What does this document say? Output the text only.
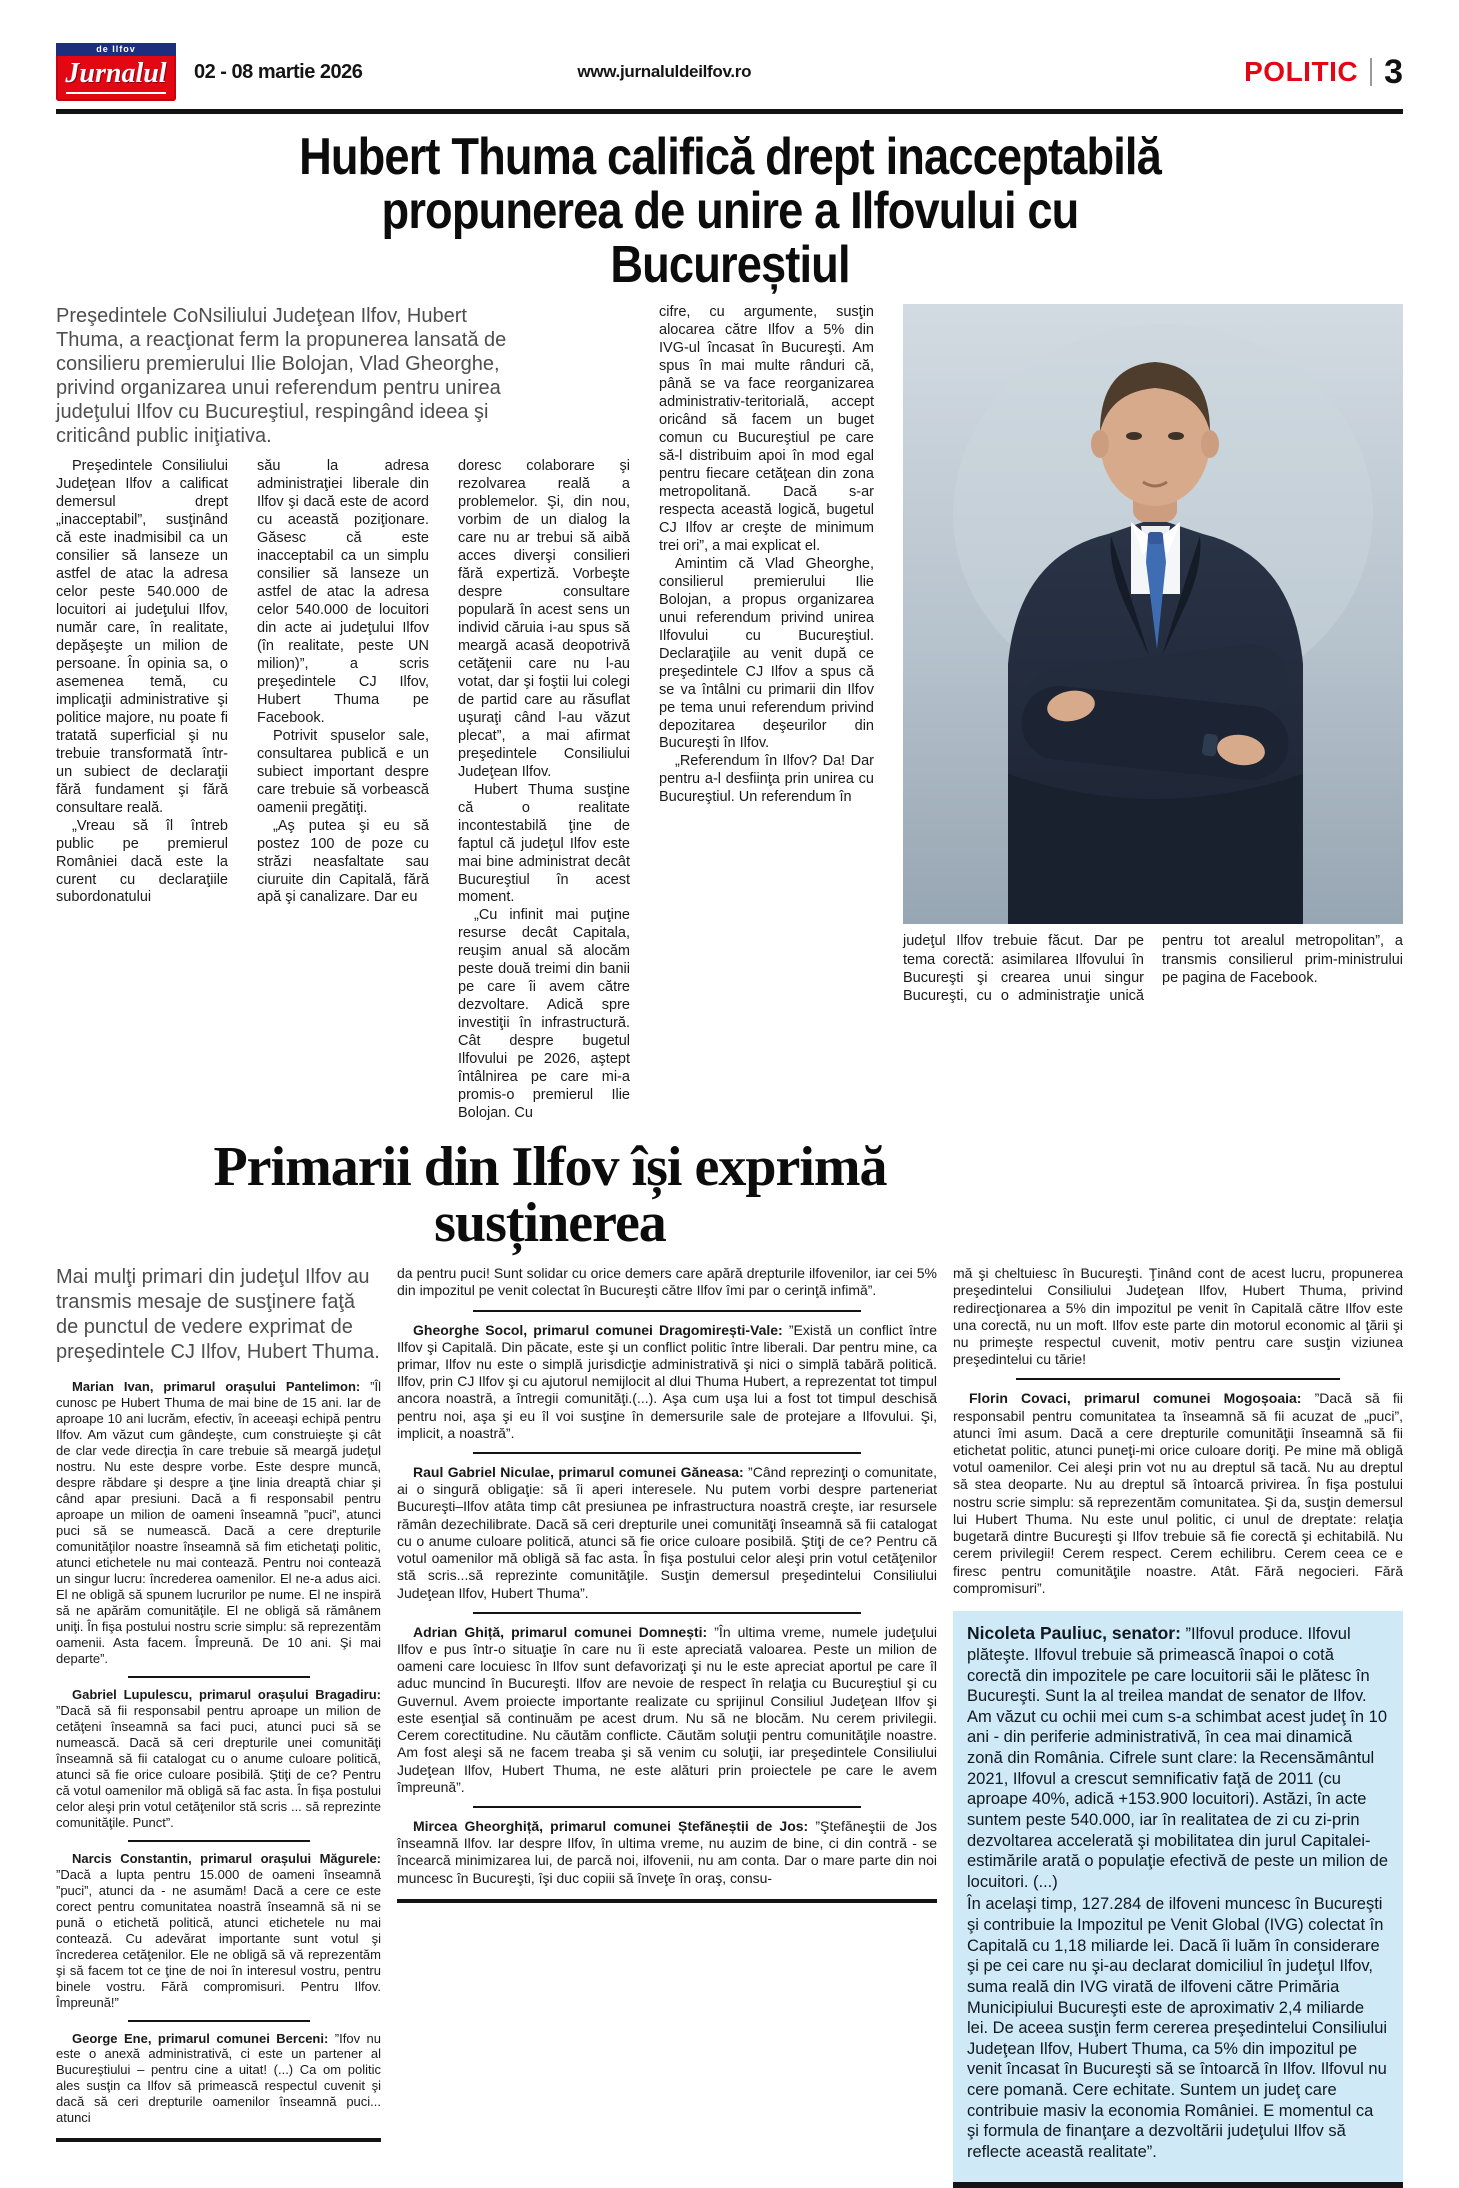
de Ilfov
Jurnalul	02 - 08 martie 2026	www.jurnaluldeilfov.ro	POLITIC 3
Hubert Thuma califică drept inacceptabilă propunerea de unire a Ilfovului cu Bucureștiul
Preşedintele CoNsiliului Judeţean Ilfov, Hubert Thuma, a reacţionat ferm la propunerea lansată de consilieru premierului Ilie Bolojan, Vlad Gheorghe, privind organizarea unui referendum pentru unirea judeţului Ilfov cu Bucureştiul, respingând ideea şi criticând public iniţiativa.

Preşedintele Consiliului Judeţean Ilfov a calificat demersul drept „inacceptabil”, susţinând că este inadmisibil ca un consilier să lanseze un astfel de atac la adresa celor peste 540.000 de locuitori ai judeţului Ilfov, număr care, în realitate, depăşeşte un milion de persoane. În opinia sa, o asemenea temă, cu implicaţii administrative şi politice majore, nu poate fi tratată superficial şi nu trebuie transformată într-un subiect de declaraţii fără fundament şi fără consultare reală.

„Vreau să îl întreb public pe premierul României dacă este la curent cu declaraţiile subordonatului

său la adresa administraţiei liberale din Ilfov şi dacă este de acord cu această poziţionare. Găsesc că este inacceptabil ca un simplu consilier să lanseze un astfel de atac la adresa celor 540.000 de locuitori din acte ai judeţului Ilfov (în realitate, peste UN milion)”, a scris preşedintele CJ Ilfov, Hubert Thuma pe Facebook.

Potrivit spuselor sale, consultarea publică e un subiect important despre care trebuie să vorbească oamenii pregătiţi.

„Aş putea şi eu să postez 100 de poze cu străzi neasfaltate sau ciuruite din Capitală, fără apă şi canalizare. Dar eu

doresc colaborare şi rezolvarea reală a problemelor. Şi, din nou, vorbim de un dialog la care nu ar trebui să aibă acces diverşi consilieri fără expertiză. Vorbeşte despre consultare populară în acest sens un individ căruia i-au spus să meargă acasă deopotrivă cetăţenii care nu l-au votat, dar şi foştii lui colegi de partid care au răsuflat uşuraţi când l-au văzut plecat”, a mai afirmat preşedintele Consiliului Judeţean Ilfov.

Hubert Thuma susţine că o realitate incontestabilă ţine de faptul că judeţul Ilfov este mai bine administrat decât Bucureştiul în acest moment.

„Cu infinit mai puţine resurse decât Capitala, reuşim anual să alocăm peste două treimi din banii pe care îi avem către dezvoltare. Adică spre investiţii în infrastructură. Cât despre bugetul Ilfovului pe 2026, aştept întâlnirea pe care mi-a promis-o premierul Ilie Bolojan. Cu

cifre, cu argumente, susţin alocarea către Ilfov a 5% din IVG-ul încasat în Bucureşti. Am spus în mai multe rânduri că, până se va face reorganizarea administrativ-teritorială, accept oricând să facem un buget comun cu Bucureştiul pe care să-l distribuim apoi în mod egal pentru fiecare cetăţean din zona metropolitană. Dacă s-ar respecta această logică, bugetul CJ Ilfov ar creşte de minimum trei ori”, a mai explicat el.

Amintim că Vlad Gheorghe, consilierul premierului Ilie Bolojan, a propus organizarea unui referendum privind unirea Ilfovului cu Bucureştiul. Declaraţiile au venit după ce preşedintele CJ Ilfov a spus că se va întâlni cu primarii din Ilfov pe tema unui referendum privind depozitarea deşeurilor din Bucureşti în Ilfov.

„Referendum în Ilfov? Da! Dar pentru a-l desfiinţa prin unirea cu Bucureştiul. Un referendum în

judeţul Ilfov trebuie făcut. Dar pe tema corectă: asimilarea Ilfovului în Bucureşti şi crearea unui singur Bucureşti, cu o administraţie unică pentru tot arealul metropolitan”, a transmis consilierul prim-ministrului pe pagina de Facebook.
Primarii din Ilfov își exprimă susținerea
Mai mulţi primari din judeţul Ilfov au transmis mesaje de susţinere faţă de punctul de vedere exprimat de preşedintele CJ Ilfov, Hubert Thuma.

Marian Ivan, primarul orașului Pantelimon: ”Îl cunosc pe Hubert Thuma de mai bine de 15 ani. Iar de aproape 10 ani lucrăm, efectiv, în aceeaşi echipă pentru Ilfov. Am văzut cum gândeşte, cum construieşte şi cât de clar vede direcţia în care trebuie să meargă judeţul nostru. Nu este despre vorbe. Este despre muncă, despre răbdare şi despre a ţine linia dreaptă chiar şi când apar presiuni. Dacă a fi responsabil pentru aproape un milion de oameni înseamnă ”puci”, atunci puci să se numească. Dacă a cere drepturile comunităţilor noastre înseamnă să fim etichetaţi politic, atunci etichetele nu mai contează. Pentru noi contează un singur lucru: încrederea oamenilor. El ne-a adus aici. El ne obligă să spunem lucrurilor pe nume. El ne inspiră să ne apărăm comunităţile. El ne obligă să rămânem uniţi. În fişa postului nostru scrie simplu: să reprezentăm oamenii. Asta facem. Împreună. De 10 ani. Şi mai departe”.

Gabriel Lupulescu, primarul orașului Bragadiru: ”Dacă să fii responsabil pentru aproape un milion de cetăţeni înseamnă sa faci puci, atunci puci să se numească. Dacă să ceri drepturile unei comunităţi înseamnă să fii catalogat cu o anume culoare politică, atunci să fie orice culoare posibilă. Ştiţi de ce? Pentru că votul oamenilor mă obligă să fac asta. În fişa postului celor aleşi prin votul cetăţenilor stă scris ... să reprezinte comunităţile. Punct”.

Narcis Constantin, primarul orașului Măgurele: ”Dacă a lupta pentru 15.000 de oameni înseamnă ”puci”, atunci da - ne asumăm! Dacă a cere ce este corect pentru comunitatea noastră înseamnă să ni se pună o etichetă politică, atunci etichetele nu mai contează. Cu adevărat importante sunt votul şi încrederea cetăţenilor. Ele ne obligă să vă reprezentăm şi să facem tot ce ţine de noi în interesul vostru, pentru binele vostru. Fără compromisuri. Pentru Ilfov. Împreună!”

George Ene, primarul comunei Berceni: ”Ifov nu este o anexă administrativă, ci este un partener al Bucureştiului – pentru cine a uitat! (...) Ca om politic ales susţin ca Ilfov să primească respectul cuvenit şi dacă să ceri drepturile oamenilor înseamnă puci... atunci

da pentru puci! Sunt solidar cu orice demers care apără drepturile ilfovenilor, iar cei 5% din impozitul pe venit colectat în Bucureşti către Ilfov îmi par o cerinţă infimă”.

Gheorghe Socol, primarul comunei Dragomirești-Vale: ”Există un conflict între Ilfov şi Capitală. Din păcate, este şi un conflict politic între liberali. Dar pentru mine, ca primar, Ilfov nu este o simplă jurisdicţie administrativă şi nici o simplă tabără politică. Ilfov, prin CJ Ilfov şi cu ajutorul nemijlocit al dlui Thuma Hubert, a reprezentat tot timpul ancora noastră, a întregii comunităţi.(...). Aşa cum uşa lui a fost tot timpul deschisă pentru noi, aşa şi eu îl voi susţine în demersurile sale de protejare a Ilfovului. Şi, implicit, a noastră”.

Raul Gabriel Niculae, primarul comunei Găneasa: ”Când reprezinţi o comunitate, ai o singură obligaţie: să îi aperi interesele. Nu putem vorbi despre parteneriat Bucureşti–Ilfov atâta timp cât presiunea pe infrastructura noastră creşte, iar resursele rămân dezechilibrate. Dacă să ceri drepturile unei comunităţi înseamnă să fii catalogat cu o anume culoare politică, atunci să fie orice culoare posibilă. Ştiţi de ce? Pentru că votul oamenilor mă obligă să fac asta. În fişa postului celor aleşi prin votul cetăţenilor stă scris...să reprezinte comunităţile. Susţin demersul preşedintelui Consiliului Judeţean Ilfov, Hubert Thuma”.

Adrian Ghiță, primarul comunei Domnești: ”În ultima vreme, numele judeţului Ilfov e pus într-o situaţie în care nu îi este apreciată valoarea. Peste un milion de oameni care locuiesc în Ilfov sunt defavorizaţi şi nu le este apreciat aportul pe care îl aduc muncind în Bucureşti. Ilfov are nevoie de respect în relaţia cu Bucureştiul şi cu Guvernul. Avem proiecte importante realizate cu sprijinul Consiliul Judeţean Ilfov şi este esenţial să continuăm pe acest drum. Nu să ne blocăm. Nu cerem privilegii. Cerem corectitudine. Nu căutăm conflicte. Căutăm soluţii pentru comunităţile noastre. Am fost aleşi să ne facem treaba şi să venim cu soluţii, iar preşedintele Consiliului Judeţean Ilfov, Hubert Thuma, ne este alături prin proiectele pe care le avem împreună”.

Mircea Gheorghiță, primarul comunei Ștefăneștii de Jos: ”Ştefăneştii de Jos înseamnă Ilfov. Iar despre Ilfov, în ultima vreme, nu auzim de bine, ci din contră - se încearcă minimizarea lui, de parcă noi, ilfovenii, nu am conta. Dar o mare parte din noi muncesc în Bucureşti, îşi duc copiii să înveţe în oraş, consu-

mă şi cheltuiesc în Bucureşti. Ţinând cont de acest lucru, propunerea preşedintelui Consiliului Judeţean Ilfov, Hubert Thuma, privind redirecţionarea a 5% din impozitul pe venit în Capitală către Ilfov este una corectă, nu un moft. Ilfov este parte din motorul economic al ţării şi nu primeşte respectul cuvenit, motiv pentru care susţin viziunea preşedintelui cu tărie!

Florin Covaci, primarul comunei Mogoșoaia: ”Dacă să fii responsabil pentru comunitatea ta înseamnă să fii acuzat de „puci”, atunci îmi asum. Dacă a cere drepturile comunităţii înseamnă să fii etichetat politic, atunci puneţi-mi orice culoare doriţi. Pe mine mă obligă votul oamenilor. Cei aleşi prin vot nu au dreptul să tacă. Nu au dreptul să stea deoparte. Nu au dreptul să întoarcă privirea. În fişa postului nostru scrie simplu: să reprezentăm comunitatea. Şi da, susţin demersul lui Hubert Thuma. Nu este unul politic, ci unul de dreptate: relaţia bugetară dintre Bucureşti şi Ilfov trebuie să fie corectă şi echitabilă. Nu cerem privilegii! Cerem respect. Cerem echilibru. Cerem ceea ce e firesc pentru comunităţile noastre. Atât. Fără negocieri. Fără compromisuri”.

Nicoleta Pauliuc, senator: ”Ilfovul produce. Ilfovul plăteşte. Ilfovul trebuie să primească înapoi o cotă corectă din impozitele pe care locuitorii săi le plătesc în Bucureşti. Sunt la al treilea mandat de senator de Ilfov. Am văzut cu ochii mei cum s-a schimbat acest judeţ în 10 ani - din periferie administrativă, în cea mai dinamică zonă din România. Cifrele sunt clare: la Recensământul 2021, Ilfovul a crescut semnificativ faţă de 2011 (cu aproape 40%, adică +153.900 locuitori). Astăzi, în acte suntem peste 540.000, iar în realitatea de zi cu zi-prin dezvoltarea accelerată şi mobilitatea din jurul Capitalei-estimările arată o populaţie efectivă de peste un milion de locuitori. (...)

În acelaşi timp, 127.284 de ilfoveni muncesc în Bucureşti şi contribuie la Impozitul pe Venit Global (IVG) colectat în Capitală cu 1,18 miliarde lei. Dacă îi luăm în considerare şi pe cei care nu şi-au declarat domiciliul în judeţul Ilfov, suma reală din IVG virată de ilfoveni către Primăria Municipiului Bucureşti este de aproximativ 2,4 miliarde lei. De aceea susţin ferm cererea preşedintelui Consiliului Judeţean Ilfov, Hubert Thuma, ca 5% din impozitul pe venit încasat în Bucureşti să se întoarcă în Ilfov. Ilfovul nu cere pomană. Cere echitate. Suntem un judeţ care contribuie masiv la economia României. E momentul ca şi formula de finanţare a dezvoltării judeţului Ilfov să reflecte această realitate”.
